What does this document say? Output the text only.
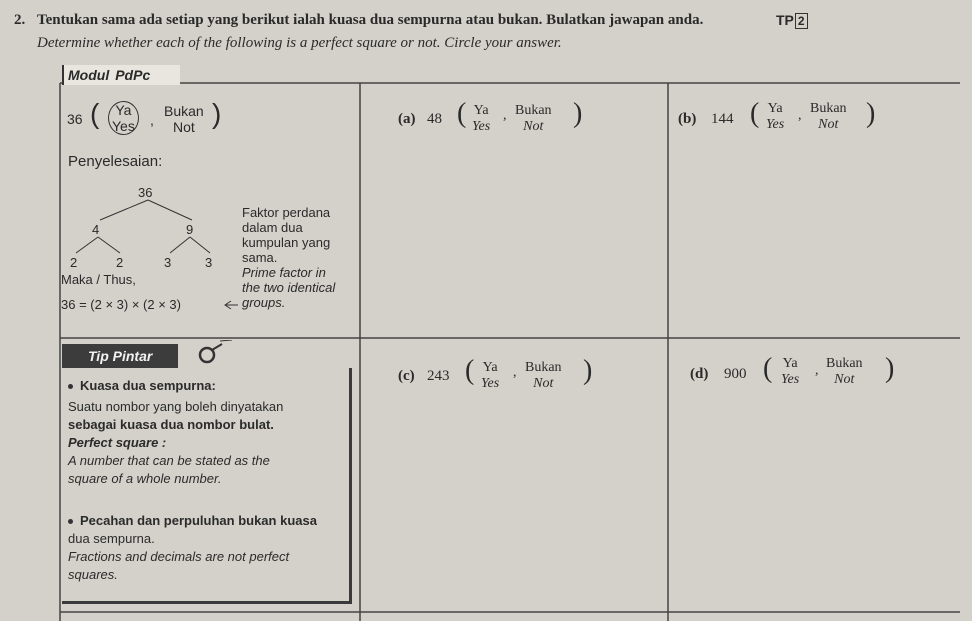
2. Tentukan sama ada setiap yang berikut ialah kuasa dua sempurna atau bukan. Bulatkan jawapan anda.	TP 2
Determine whether each of the following is a perfect square or not. Circle your answer.
Modul PdPc
36 ( Ya
Yes ,
Bukan
Not )	(a) 48 ( Ya
Yes
, Bukan
Not )	(b) 144 ( Ya
Yes
, Bukan
Not )
Penyelesaian:
36
4	9
2	2	3	3
Faktor perdana
dalam dua
kumpulan yang
sama.
Prime factor in
the two identical
groups.
Maka / Thus,
36 = (2 × 3) × (2 × 3)
Tip Pintar
Kuasa dua sempurna:
Suatu nombor yang boleh dinyatakan
sebagai kuasa dua nombor bulat.
Perfect square :
A number that can be stated as the
square of a whole number.
Pecahan dan perpuluhan bukan kuasa
dua sempurna.
Fractions and decimals are not perfect
squares.
(c) 243 ( Ya
Yes
, Bukan
Not )	(d) 900 ( Ya
Yes
, Bukan
Not )
